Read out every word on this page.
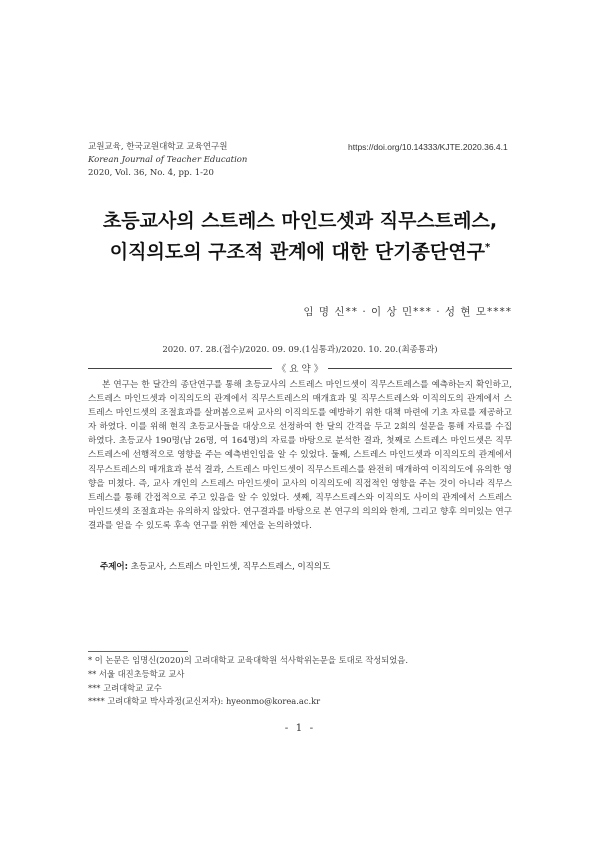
교원교육, 한국교원대학교 교육연구원
Korean Journal of Teacher Education
2020, Vol. 36, No. 4, pp. 1-20
https://doi.org/10.14333/KJTE.2020.36.4.1
초등교사의 스트레스 마인드셋과 직무스트레스,
이직의도의 구조적 관계에 대한 단기종단연구*
임 명 신** · 이 상 민*** · 성 현 모****
2020. 07. 28.(접수)/2020. 09. 09.(1심통과)/2020. 10. 20.(최종통과)
《 요 약 》

본 연구는 한 달간의 종단연구를 통해 초등교사의 스트레스 마인드셋이 직무스트레스를 예측하는지 확인하고, 스트레스 마인드셋과 이직의도의 관계에서 직무스트레스의 매개효과 및 직무스트레스와 이직의도의 관계에서 스트레스 마인드셋의 조절효과를 살펴봄으로써 교사의 이직의도를 예방하기 위한 대책 마련에 기초 자료를 제공하고자 하였다. 이를 위해 현직 초등교사들을 대상으로 선정하여 한 달의 간격을 두고 2회의 설문을 통해 자료를 수집하였다. 초등교사 190명(남 26명, 여 164명)의 자료를 바탕으로 분석한 결과, 첫째로 스트레스 마인드셋은 직무스트레스에 선행적으로 영향을 주는 예측변인임을 알 수 있었다. 둘째, 스트레스 마인드셋과 이직의도의 관계에서 직무스트레스의 매개효과 분석 결과, 스트레스 마인드셋이 직무스트레스를 완전히 매개하여 이직의도에 유의한 영향을 미쳤다. 즉, 교사 개인의 스트레스 마인드셋이 교사의 이직의도에 직접적인 영향을 주는 것이 아니라 직무스트레스를 통해 간접적으로 주고 있음을 알 수 있었다. 셋째, 직무스트레스와 이직의도 사이의 관계에서 스트레스 마인드셋의 조절효과는 유의하지 않았다. 연구결과를 바탕으로 본 연구의 의의와 한계, 그리고 향후 의미있는 연구결과를 얻을 수 있도록 후속 연구를 위한 제언을 논의하였다.

주제어: 초등교사, 스트레스 마인드셋, 직무스트레스, 이직의도
* 이 논문은 임명신(2020)의 고려대학교 교육대학원 석사학위논문을 토대로 작성되었음.
** 서울 대진초등학교 교사
*** 고려대학교 교수
**** 고려대학교 박사과정(교신저자): hyeonmo@korea.ac.kr
- 1 -
